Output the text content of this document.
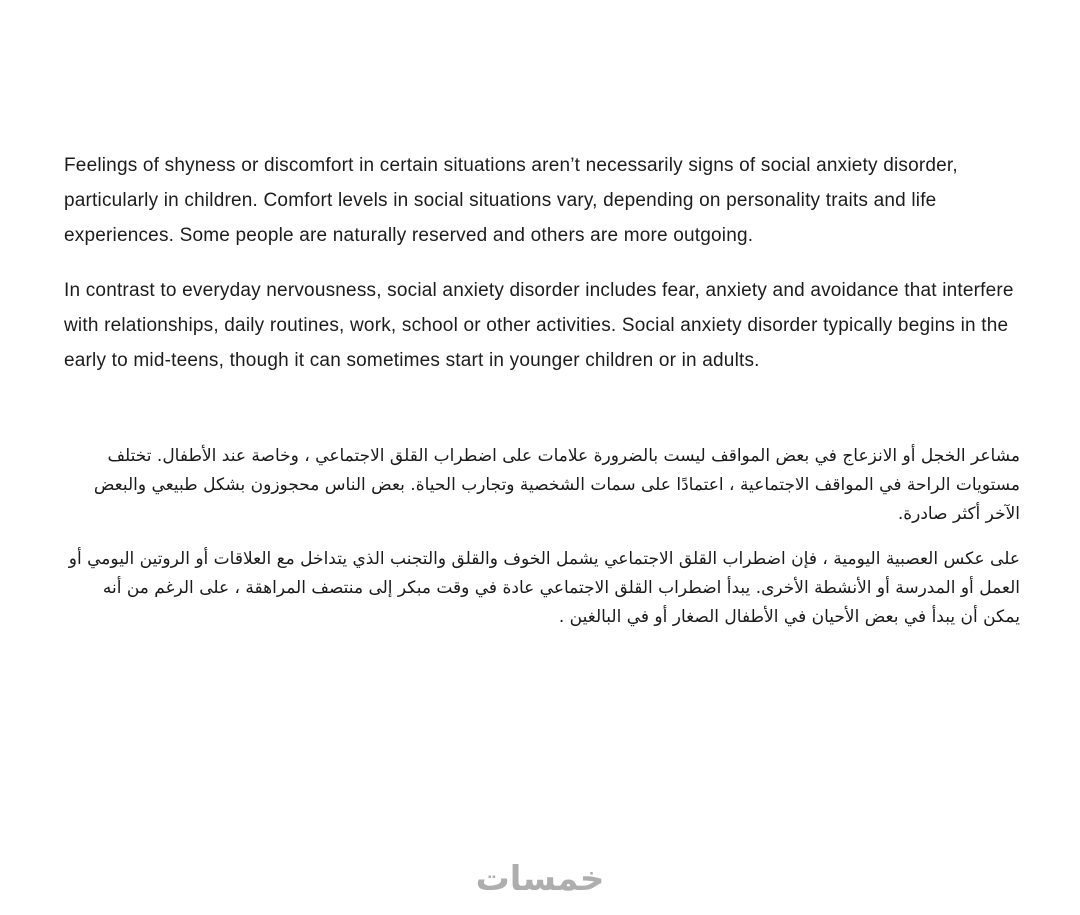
Feelings of shyness or discomfort in certain situations aren’t necessarily signs of social anxiety disorder, particularly in children. Comfort levels in social situations vary, depending on personality traits and life experiences. Some people are naturally reserved and others are more outgoing.

In contrast to everyday nervousness, social anxiety disorder includes fear, anxiety and avoidance that interfere with relationships, daily routines, work, school or other activities. Social anxiety disorder typically begins in the early to mid-teens, though it can sometimes start in younger children or in adults.

مشاعر الخجل أو الانزعاج في بعض المواقف ليست بالضرورة علامات على اضطراب القلق الاجتماعي ، وخاصة عند الأطفال. تختلف مستويات الراحة في المواقف الاجتماعية ، اعتمادًا على سمات الشخصية وتجارب الحياة. بعض الناس محجوزون بشكل طبيعي والبعض الآخر أكثر صادرة.

على عكس العصبية اليومية ، فإن اضطراب القلق الاجتماعي يشمل الخوف والقلق والتجنب الذي يتداخل مع العلاقات أو الروتين اليومي أو العمل أو المدرسة أو الأنشطة الأخرى. يبدأ اضطراب القلق الاجتماعي عادة في وقت مبكر إلى منتصف المراهقة ، على الرغم من أنه يمكن أن يبدأ في بعض الأحيان في الأطفال الصغار أو في البالغين .

خمسات
